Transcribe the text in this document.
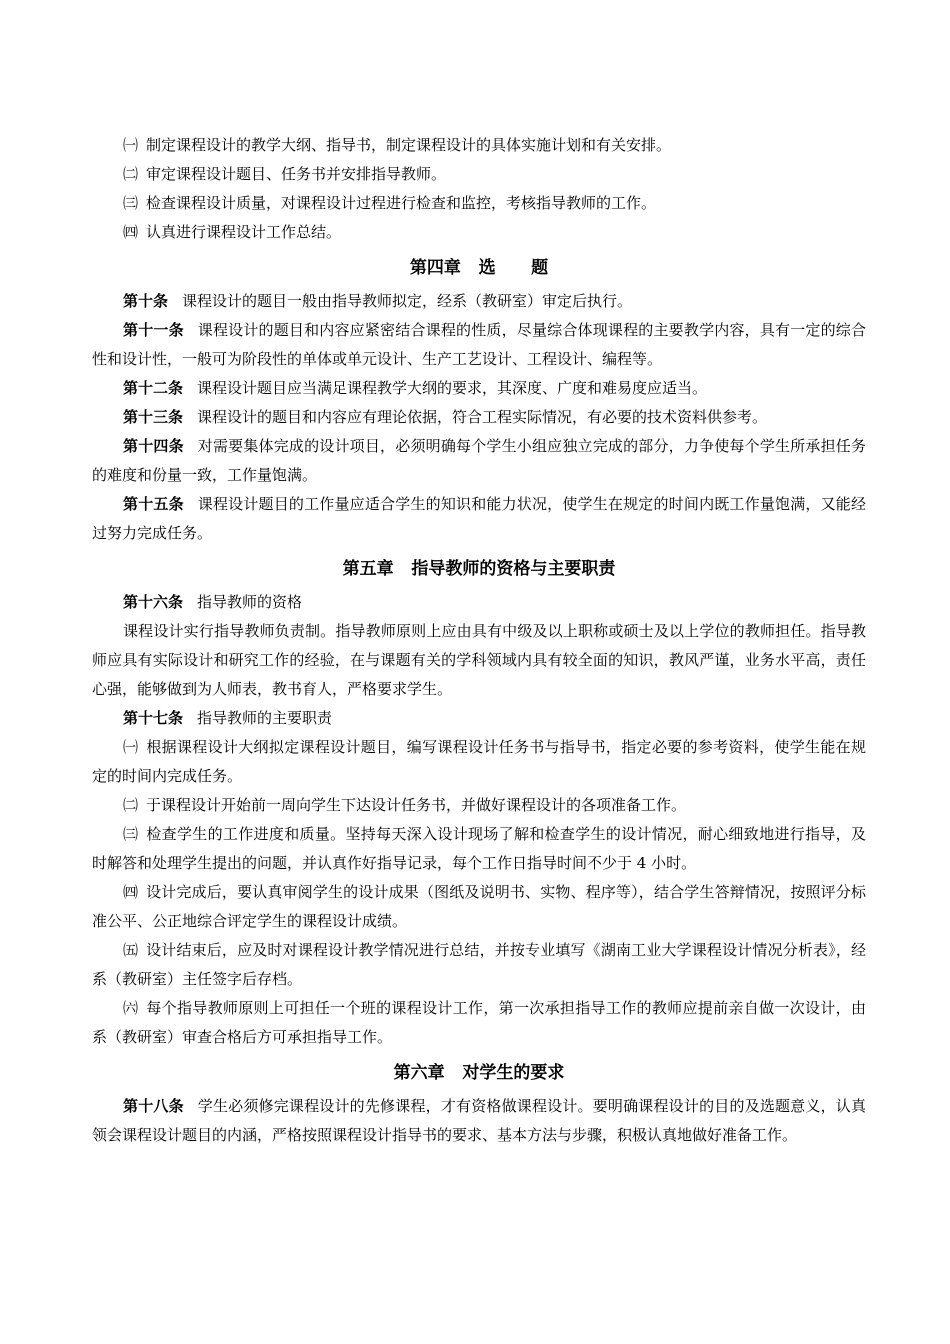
㈠ 制定课程设计的教学大纲、指导书，制定课程设计的具体实施计划和有关安排。

㈡ 审定课程设计题目、任务书并安排指导教师。

㈢ 检查课程设计质量，对课程设计过程进行检查和监控，考核指导教师的工作。

㈣ 认真进行课程设计工作总结。

第四章   选      题

第十条 课程设计的题目一般由指导教师拟定，经系（教研室）审定后执行。

第十一条 课程设计的题目和内容应紧密结合课程的性质，尽量综合体现课程的主要教学内容，具有一定的综合性和设计性，一般可为阶段性的单体或单元设计、生产工艺设计、工程设计、编程等。

第十二条 课程设计题目应当满足课程教学大纲的要求，其深度、广度和难易度应适当。

第十三条 课程设计的题目和内容应有理论依据，符合工程实际情况，有必要的技术资料供参考。

第十四条 对需要集体完成的设计项目，必须明确每个学生小组应独立完成的部分，力争使每个学生所承担任务的难度和份量一致，工作量饱满。

第十五条 课程设计题目的工作量应适合学生的知识和能力状况，使学生在规定的时间内既工作量饱满，又能经过努力完成任务。

第五章   指导教师的资格与主要职责

第十六条 指导教师的资格

课程设计实行指导教师负责制。指导教师原则上应由具有中级及以上职称或硕士及以上学位的教师担任。指导教师应具有实际设计和研究工作的经验，在与课题有关的学科领域内具有较全面的知识，教风严谨，业务水平高，责任心强，能够做到为人师表，教书育人，严格要求学生。

第十七条 指导教师的主要职责

㈠ 根据课程设计大纲拟定课程设计题目，编写课程设计任务书与指导书，指定必要的参考资料，使学生能在规定的时间内完成任务。

㈡ 于课程设计开始前一周向学生下达设计任务书，并做好课程设计的各项准备工作。

㈢ 检查学生的工作进度和质量。坚持每天深入设计现场了解和检查学生的设计情况，耐心细致地进行指导，及时解答和处理学生提出的问题，并认真作好指导记录，每个工作日指导时间不少于 4 小时。

㈣ 设计完成后，要认真审阅学生的设计成果（图纸及说明书、实物、程序等），结合学生答辩情况，按照评分标准公平、公正地综合评定学生的课程设计成绩。

㈤ 设计结束后，应及时对课程设计教学情况进行总结，并按专业填写《湖南工业大学课程设计情况分析表》，经系（教研室）主任签字后存档。

㈥ 每个指导教师原则上可担任一个班的课程设计工作，第一次承担指导工作的教师应提前亲自做一次设计，由系（教研室）审查合格后方可承担指导工作。

第六章   对学生的要求

第十八条 学生必须修完课程设计的先修课程，才有资格做课程设计。要明确课程设计的目的及选题意义，认真领会课程设计题目的内涵，严格按照课程设计指导书的要求、基本方法与步骤，积极认真地做好准备工作。
